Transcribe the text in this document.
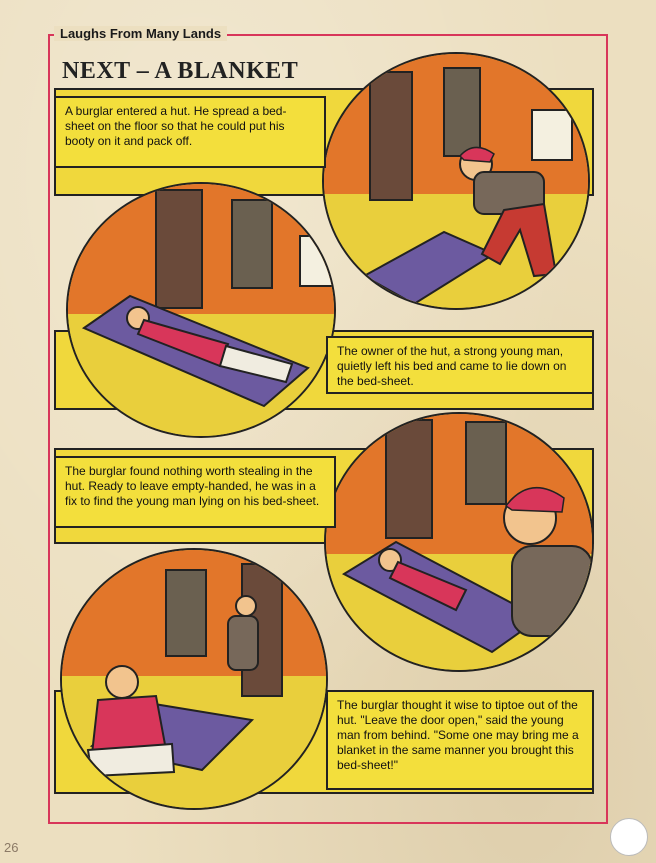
Laughs From Many Lands
NEXT – A BLANKET
A burglar entered a hut. He spread a bed-sheet on the floor so that he could put his booty on it and pack off.
The owner of the hut, a strong young man, quietly left his bed and came to lie down on the bed-sheet.
The burglar found nothing worth stealing in the hut. Ready to leave empty-handed, he was in a fix to find the young man lying on his bed-sheet.
The burglar thought it wise to tiptoe out of the hut. "Leave the door open," said the young man from behind. "Some one may bring me a blanket in the same manner you brought this bed-sheet!"
26
